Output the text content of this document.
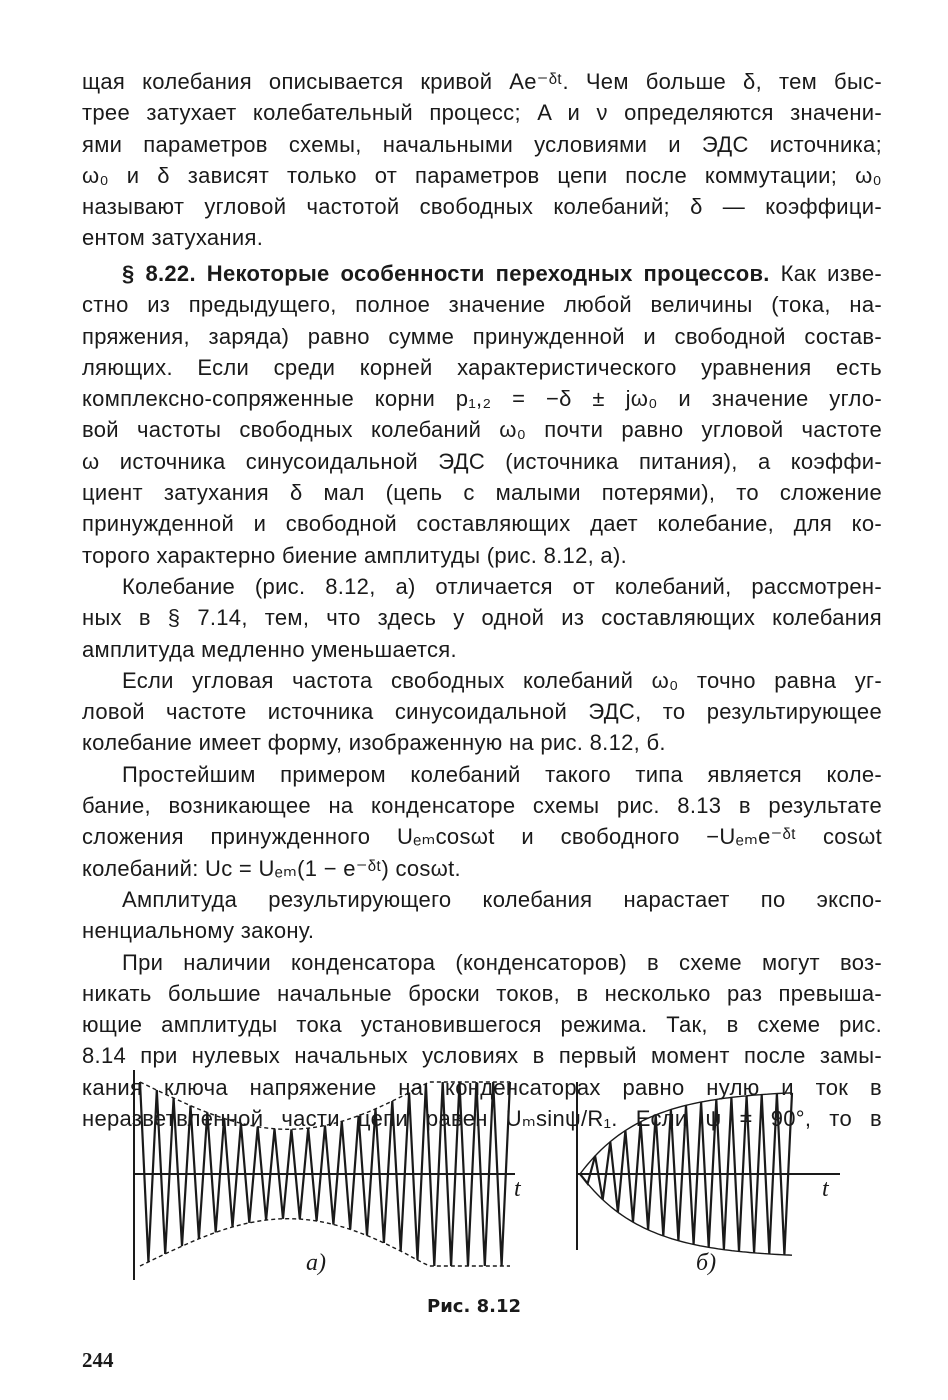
щая колебания описывается кривой Ae⁻ᵟᵗ. Чем больше δ, тем быс-
трее затухает колебательный процесс; A и ν определяются значени-
ями параметров схемы, начальными условиями и ЭДС источника;
ω₀ и δ зависят только от параметров цепи после коммутации; ω₀
называют угловой частотой свободных колебаний; δ — коэффици-
ентом затухания.
§ 8.22. Некоторые особенности переходных процессов. Как изве-
стно из предыдущего, полное значение любой величины (тока, на-
пряжения, заряда) равно сумме принужденной и свободной состав-
ляющих. Если среди корней характеристического уравнения есть
комплексно-сопряженные корни p₁,₂ = −δ ± jω₀ и значение угло-
вой частоты свободных колебаний ω₀ почти равно угловой частоте
ω источника синусоидальной ЭДС (источника питания), а коэффи-
циент затухания δ мал (цепь с малыми потерями), то сложение
принужденной и свободной составляющих дает колебание, для ко-
торого характерно биение амплитуды (рис. 8.12, а).
Колебание (рис. 8.12, а) отличается от колебаний, рассмотрен-
ных в § 7.14, тем, что здесь у одной из составляющих колебания
амплитуда медленно уменьшается.
Если угловая частота свободных колебаний ω₀ точно равна уг-
ловой частоте источника синусоидальной ЭДС, то результирующее
колебание имеет форму, изображенную на рис. 8.12, б.
Простейшим примером колебаний такого типа является коле-
бание, возникающее на конденсаторе схемы рис. 8.13 в результате
сложения принужденного Uₑₘcosωt и свободного −Uₑₘe⁻ᵟᵗ cosωt
колебаний: Uᴄ = Uₑₘ(1 − e⁻ᵟᵗ) cosωt.
Амплитуда результирующего колебания нарастает по экспо-
ненциальному закону.
При наличии конденсатора (конденсаторов) в схеме могут воз-
никать большие начальные броски токов, в несколько раз превыша-
ющие амплитуды тока установившегося режима. Так, в схеме рис.
8.14 при нулевых начальных условиях в первый момент после замы-
кания ключа напряжение на конденсаторах равно нулю и ток в
неразветвленной части цепи равен Uₘsinψ/R₁. Если ψ = 90°, то в
t	t
а)	б)
Рис. 8.12
244
